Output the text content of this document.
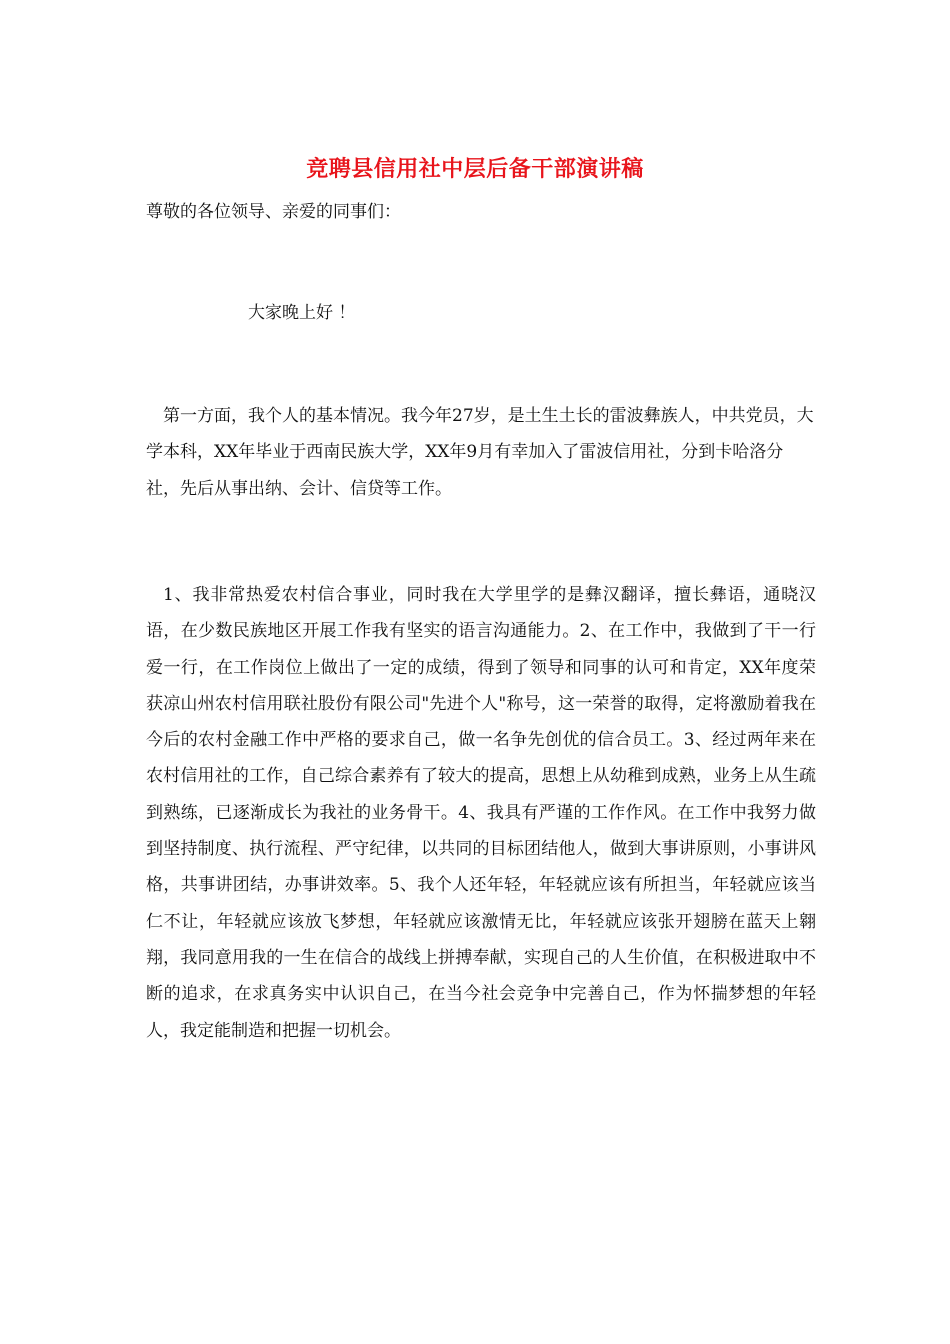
竞聘县信用社中层后备干部演讲稿
尊敬的各位领导、亲爱的同事们：
大家晚上好 ！
第一方面，我个人的基本情况。我今年27岁，是土生土长的雷波彝族人，中共党员，大学本科，XX年毕业于西南民族大学，XX年9月有幸加入了雷波信用社，分到卡哈洛分社，先后从事出纳、会计、信贷等工作。
1、我非常热爱农村信合事业，同时我在大学里学的是彝汉翻译，擅长彝语，通晓汉语，在少数民族地区开展工作我有坚实的语言沟通能力。2、在工作中，我做到了干一行爱一行，在工作岗位上做出了一定的成绩，得到了领导和同事的认可和肯定，XX年度荣获凉山州农村信用联社股份有限公司"先进个人"称号，这一荣誉的取得，定将激励着我在今后的农村金融工作中严格的要求自己，做一名争先创优的信合员工。3、经过两年来在农村信用社的工作，自己综合素养有了较大的提高，思想上从幼稚到成熟，业务上从生疏到熟练，已逐渐成长为我社的业务骨干。4、我具有严谨的工作作风。在工作中我努力做到坚持制度、执行流程、严守纪律，以共同的目标团结他人，做到大事讲原则，小事讲风格，共事讲团结，办事讲效率。5、我个人还年轻，年轻就应该有所担当，年轻就应该当仁不让，年轻就应该放飞梦想，年轻就应该激情无比，年轻就应该张开翅膀在蓝天上翱翔，我同意用我的一生在信合的战线上拼搏奉献，实现自己的人生价值，在积极进取中不断的追求，在求真务实中认识自己，在当今社会竞争中完善自己，作为怀揣梦想的年轻人，我定能制造和把握一切机会。
